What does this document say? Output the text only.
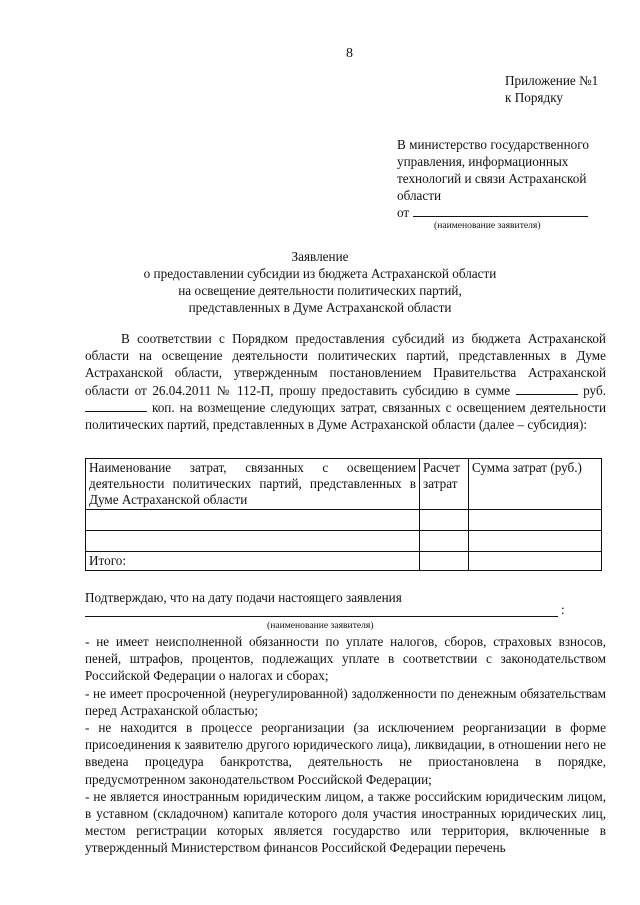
8
Приложение №1
к Порядку
В министерство государственного
управления, информационных
технологий и связи Астраханской
области
от
(наименование заявителя)
Заявление
о предоставлении субсидии из бюджета Астраханской области
на освещение деятельности политических партий,
представленных в Думе Астраханской области
В соответствии с Порядком предоставления субсидий из бюджета Астраханской области на освещение деятельности политических партий, представленных в Думе Астраханской области, утвержденным постановлением Правительства Астраханской области от 26.04.2011 № 112-П, прошу предоставить субсидию в сумме	руб.  коп. на возмещение следующих затрат, связанных с освещением деятельности политических партий, представленных в Думе Астраханской области (далее – субсидия):
Наименование затрат, связанных с освещением деятельности политических партий, представленных в Думе Астраханской области	Расчет затрат	Сумма затрат (руб.)

Итого:		
Подтверждаю, что на дату подачи настоящего заявления
:
(наименование заявителя)

- не имеет неисполненной обязанности по уплате налогов, сборов, страховых взносов, пеней, штрафов, процентов, подлежащих уплате в соответствии с законодательством Российской Федерации о налогах и сборах;

- не имеет просроченной (неурегулированной) задолженности по денежным обязательствам перед Астраханской областью;

- не находится в процессе реорганизации (за исключением реорганизации в форме присоединения к заявителю другого юридического лица), ликвидации, в отношении него не введена процедура банкротства, деятельность не приостановлена в порядке, предусмотренном законодательством Российской Федерации;

- не является иностранным юридическим лицом, а также российским юридическим лицом, в уставном (складочном) капитале которого доля участия иностранных юридических лиц, местом регистрации которых является государство или территория, включенные в утвержденный Министерством финансов Российской Федерации перечень
